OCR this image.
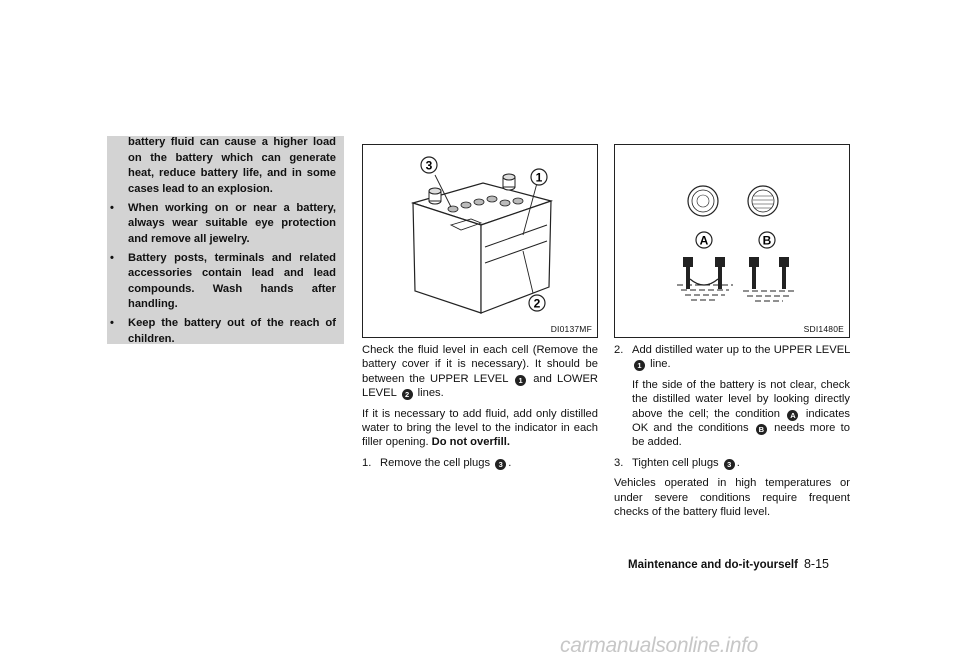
battery fluid can cause a higher load on the battery which can generate heat, reduce battery life, and in some cases lead to an explosion.

• When working on or near a battery, always wear suitable eye protection and remove all jewelry.

• Battery posts, terminals and related accessories contain lead and lead compounds. Wash hands after handling.

• Keep the battery out of the reach of children.

3
1
2
DI0137MF
A	B
SDI1480E

Check the fluid level in each cell (Remove the battery cover if it is necessary). It should be between the UPPER LEVEL 1 and LOWER LEVEL 2 lines.

If it is necessary to add fluid, add only distilled water to bring the level to the indicator in each filler opening. Do not overfill.

1. Remove the cell plugs 3 .

2. Add distilled water up to the UPPER LEVEL 1 line.

If the side of the battery is not clear, check the distilled water level by looking directly above the cell; the condition A indicates OK and the conditions B needs more to be added.

3. Tighten cell plugs 3 .

Vehicles operated in high temperatures or under severe conditions require frequent checks of the battery fluid level.

Maintenance and do-it-yourself 8-15
carmanualsonline.info
